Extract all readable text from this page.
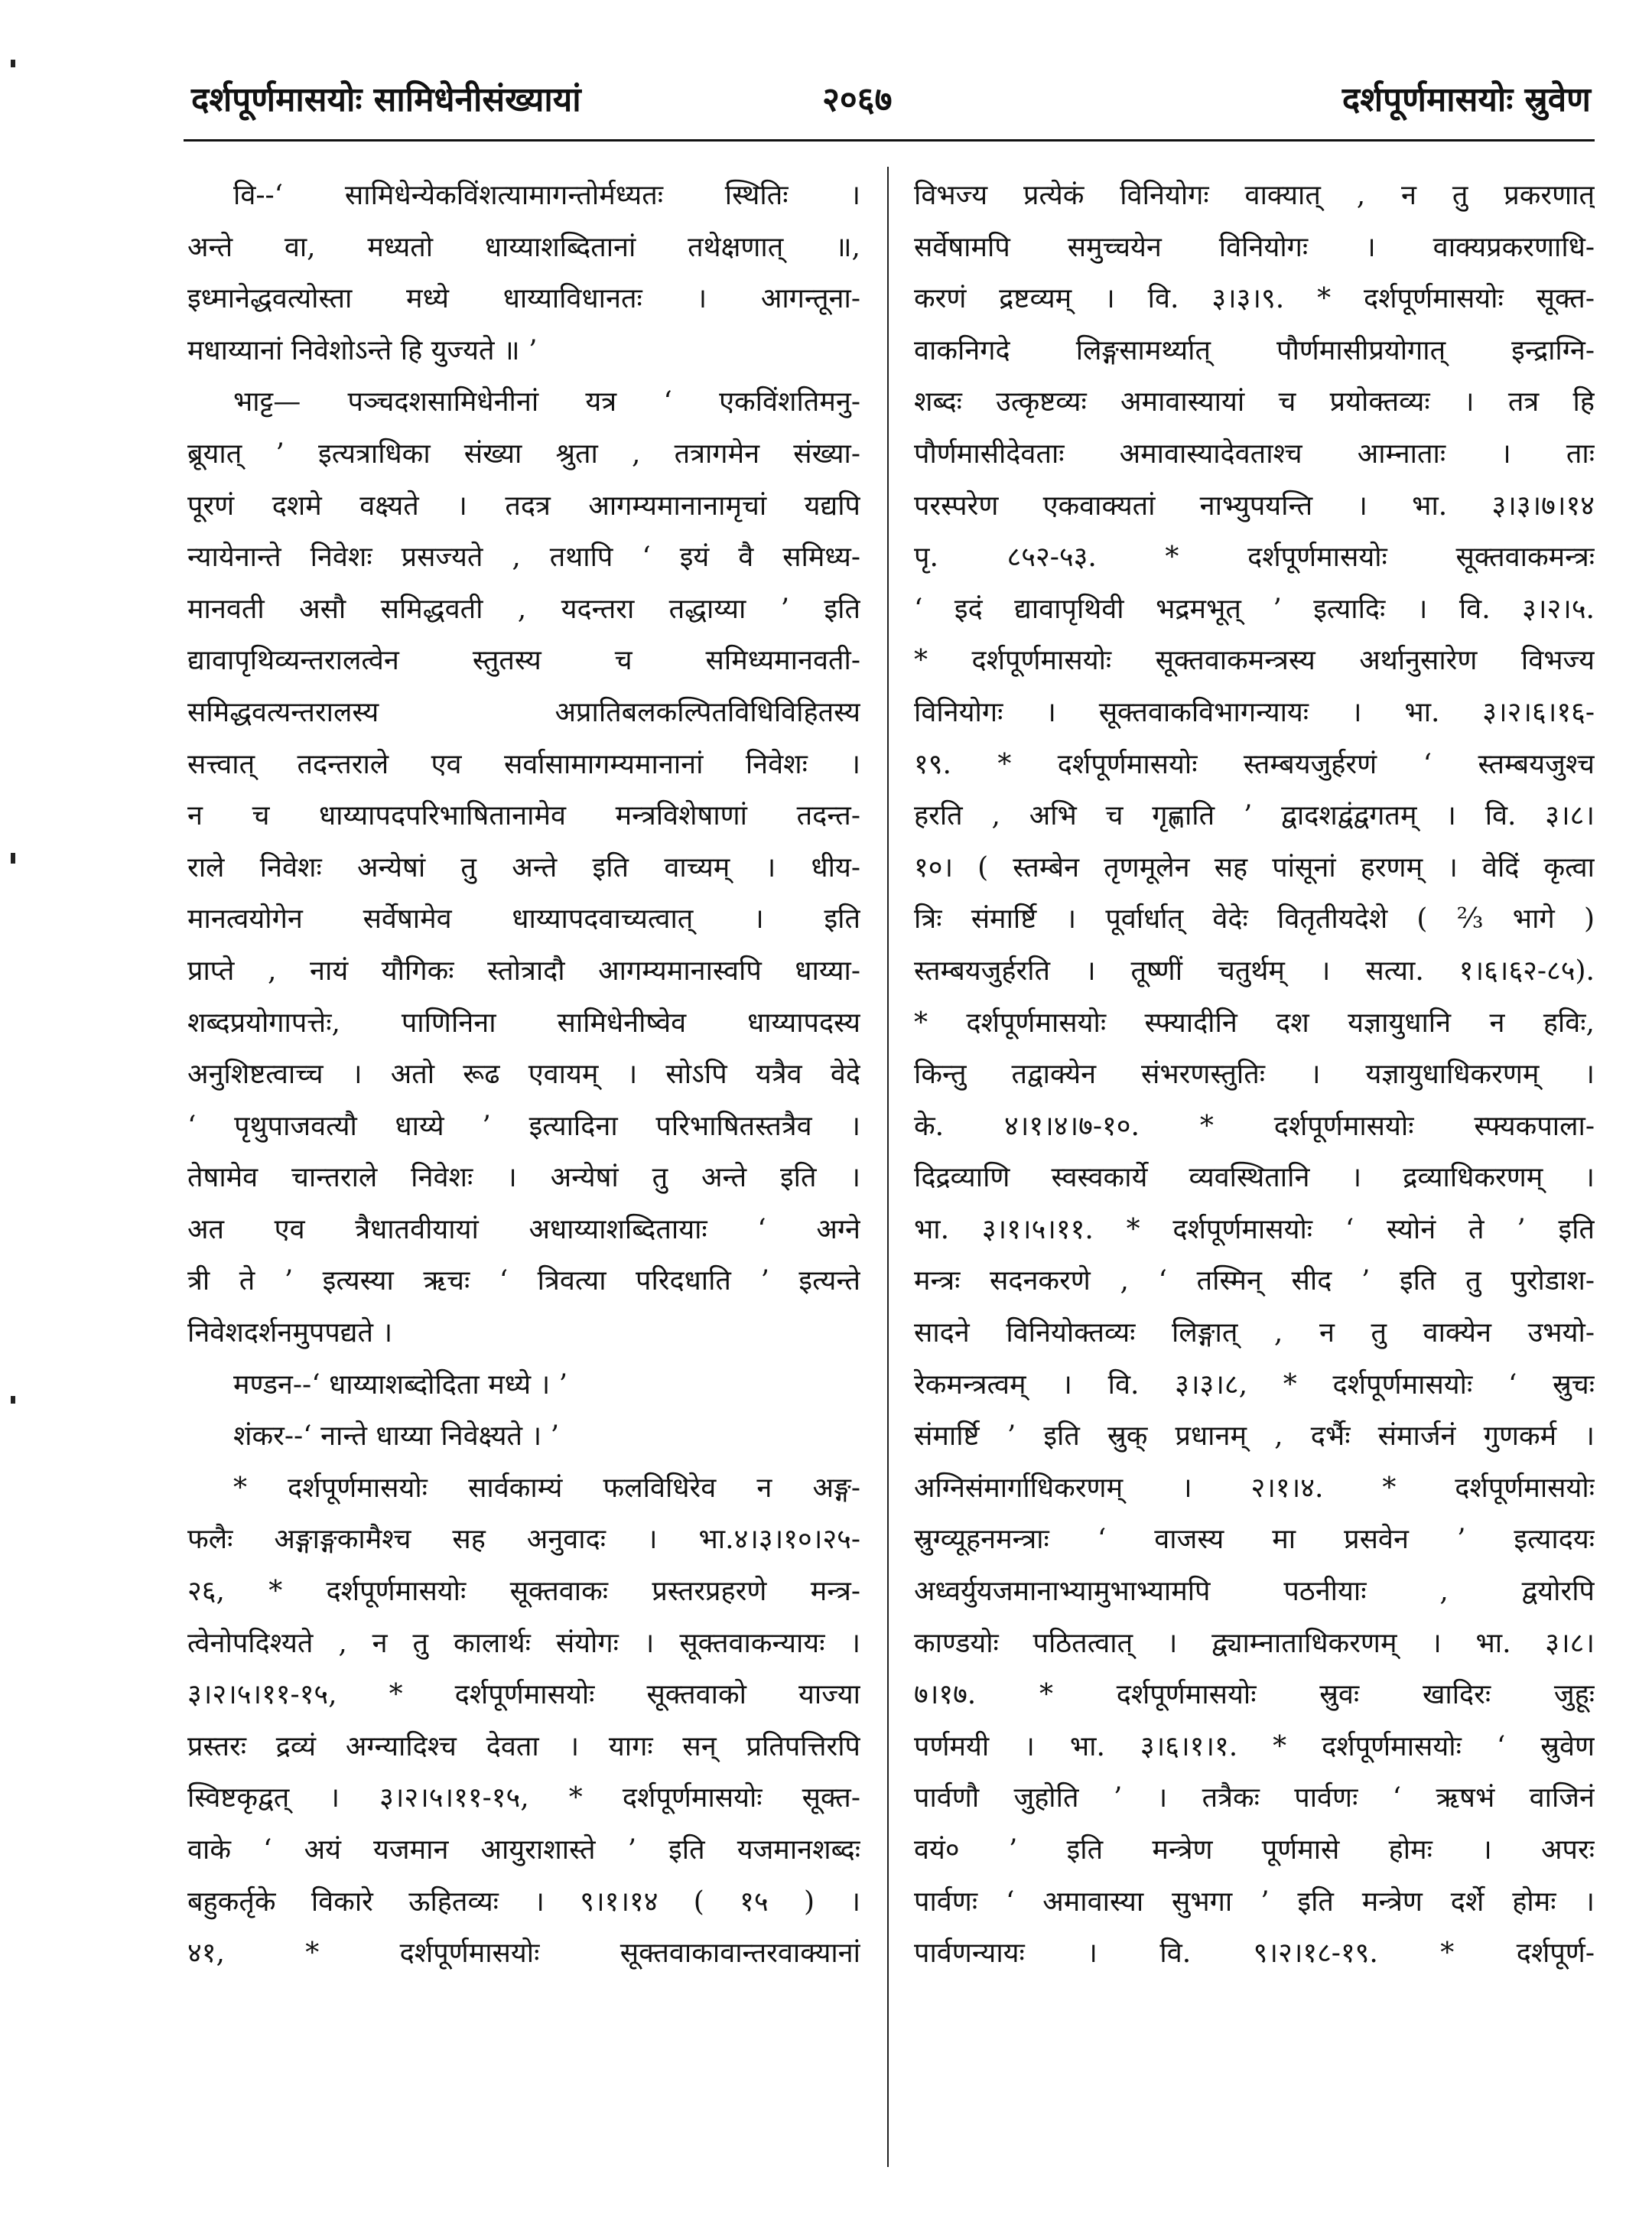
दर्शपूर्णमासयोः सामिधेनीसंख्यायां	२०६७	दर्शपूर्णमासयोः स्रुवेण
वि--‘ सामिधेन्येकविंशत्यामागन्तोर्मध्यतः स्थितिः ।
अन्ते वा, मध्यतो धाय्याशब्दितानां तथेक्षणात् ॥,
इध्मानेद्धवत्योस्ता मध्ये धाय्याविधानतः । आगन्तूना-
मधाय्यानां निवेशोऽन्ते हि युज्यते ॥ ’
भाट्ट— पञ्चदशसामिधेनीनां यत्र ‘ एकविंशतिमनु-
ब्रूयात् ’ इत्यत्राधिका संख्या श्रुता , तत्रागमेन संख्या-
पूरणं दशमे वक्ष्यते । तदत्र आगम्यमानानामृचां यद्यपि
न्यायेनान्ते निवेशः प्रसज्यते , तथापि ‘ इयं वै समिध्य-
मानवती असौ समिद्धवती , यदन्तरा तद्धाय्या ’ इति
द्यावापृथिव्यन्तरालत्वेन स्तुतस्य च समिध्यमानवती-
समिद्धवत्यन्तरालस्य अप्रातिबलकल्पितविधिविहितस्य
सत्त्वात् तदन्तराले एव सर्वासामागम्यमानानां निवेशः ।
न च धाय्यापदपरिभाषितानामेव मन्त्रविशेषाणां तदन्त-
राले निवेशः अन्येषां तु अन्ते इति वाच्यम् । धीय-
मानत्वयोगेन सर्वेषामेव धाय्यापदवाच्यत्वात् । इति
प्राप्ते , नायं यौगिकः स्तोत्रादौ आगम्यमानास्वपि धाय्या-
शब्दप्रयोगापत्तेः, पाणिनिना सामिधेनीष्वेव धाय्यापदस्य
अनुशिष्टत्वाच्च । अतो रूढ एवायम् । सोऽपि यत्रैव वेदे
‘ पृथुपाजवत्यौ धाय्ये ’ इत्यादिना परिभाषितस्तत्रैव ।
तेषामेव चान्तराले निवेशः । अन्येषां तु अन्ते इति ।
अत एव त्रैधातवीयायां अधाय्याशब्दितायाः ‘ अग्ने
त्री ते ’ इत्यस्या ऋचः ‘ त्रिवत्या परिदधाति ’ इत्यन्ते
निवेशदर्शनमुपपद्यते ।
मण्डन--‘ धाय्याशब्दोदिता मध्ये । ’
शंकर--‘ नान्ते धाय्या निवेक्ष्यते । ’
* दर्शपूर्णमासयोः सार्वकाम्यं फलविधिरेव न अङ्ग-
फलैः अङ्गाङ्गकामैश्च सह अनुवादः । भा.४।३।१०।२५-
२६, * दर्शपूर्णमासयोः सूक्तवाकः प्रस्तरप्रहरणे मन्त्र-
त्वेनोपदिश्यते , न तु कालार्थः संयोगः । सूक्तवाकन्यायः ।
३।२।५।११-१५, * दर्शपूर्णमासयोः सूक्तवाको याज्या
प्रस्तरः द्रव्यं अग्न्यादिश्च देवता । यागः सन् प्रतिपत्तिरपि
स्विष्टकृद्वत् । ३।२।५।११-१५, * दर्शपूर्णमासयोः सूक्त-
वाके ‘ अयं यजमान आयुराशास्ते ’ इति यजमानशब्दः
बहुकर्तृके विकारे ऊहितव्यः । ९।१।१४ ( १५ ) ।
४१, * दर्शपूर्णमासयोः सूक्तवाकावान्तरवाक्यानां
विभज्य प्रत्येकं विनियोगः वाक्यात् , न तु प्रकरणात्
सर्वेषामपि समुच्चयेन विनियोगः । वाक्यप्रकरणाधि-
करणं द्रष्टव्यम् । वि. ३।३।९. * दर्शपूर्णमासयोः सूक्त-
वाकनिगदे लिङ्गसामर्थ्यात् पौर्णमासीप्रयोगात् इन्द्राग्नि-
शब्दः उत्कृष्टव्यः अमावास्यायां च प्रयोक्तव्यः । तत्र हि
पौर्णमासीदेवताः अमावास्यादेवताश्च आम्नाताः । ताः
परस्परेण एकवाक्यतां नाभ्युपयन्ति । भा. ३।३।७।१४
पृ. ८५२-५३. * दर्शपूर्णमासयोः सूक्तवाकमन्त्रः
‘ इदं द्यावापृथिवी भद्रमभूत् ’ इत्यादिः । वि. ३।२।५.
* दर्शपूर्णमासयोः सूक्तवाकमन्त्रस्य अर्थानुसारेण विभज्य
विनियोगः । सूक्तवाकविभागन्यायः । भा. ३।२।६।१६-
१९. * दर्शपूर्णमासयोः स्तम्बयजुर्हरणं ‘ स्तम्बयजुश्च
हरति , अभि च गृह्णाति ’ द्वादशद्वंद्वगतम् । वि. ३।८।
१०। ( स्तम्बेन तृणमूलेन सह पांसूनां हरणम् । वेदिं कृत्वा
त्रिः संमार्ष्टि । पूर्वार्धात् वेदेः वितृतीयदेशे ( ⅔ भागे )
स्तम्बयजुर्हरति । तूष्णीं चतुर्थम् । सत्या. १।६।६२-८५).
* दर्शपूर्णमासयोः स्फ्यादीनि दश यज्ञायुधानि न हविः,
किन्तु तद्वाक्येन संभरणस्तुतिः । यज्ञायुधाधिकरणम् ।
के. ४।१।४।७-१०. * दर्शपूर्णमासयोः स्फ्यकपाला-
दिद्रव्याणि स्वस्वकार्ये व्यवस्थितानि । द्रव्याधिकरणम् ।
भा. ३।१।५।११. * दर्शपूर्णमासयोः ‘ स्योनं ते ’ इति
मन्त्रः सदनकरणे , ‘ तस्मिन् सीद ’ इति तु पुरोडाश-
सादने विनियोक्तव्यः लिङ्गात् , न तु वाक्येन उभयो-
रेकमन्त्रत्वम् । वि. ३।३।८, * दर्शपूर्णमासयोः ‘ स्रुचः
संमार्ष्टि ’ इति स्रुक् प्रधानम् , दर्भैः संमार्जनं गुणकर्म ।
अग्निसंमार्गाधिकरणम् । २।१।४. * दर्शपूर्णमासयोः
स्रुग्व्यूहनमन्त्राः ‘ वाजस्य मा प्रसवेन ’ इत्यादयः
अध्वर्युयजमानाभ्यामुभाभ्यामपि पठनीयाः , द्वयोरपि
काण्डयोः पठितत्वात् । द्व्याम्नाताधिकरणम् । भा. ३।८।
७।१७. * दर्शपूर्णमासयोः स्रुवः खादिरः जुहूः
पर्णमयी । भा. ३।६।१।१. * दर्शपूर्णमासयोः ‘ स्रुवेण
पार्वणौ जुहोति ’ । तत्रैकः पार्वणः ‘ ऋषभं वाजिनं
वयं० ’ इति मन्त्रेण पूर्णमासे होमः । अपरः
पार्वणः ‘ अमावास्या सुभगा ’ इति मन्त्रेण दर्शे होमः ।
पार्वणन्यायः । वि. ९।२।१८-१९. * दर्शपूर्ण-
